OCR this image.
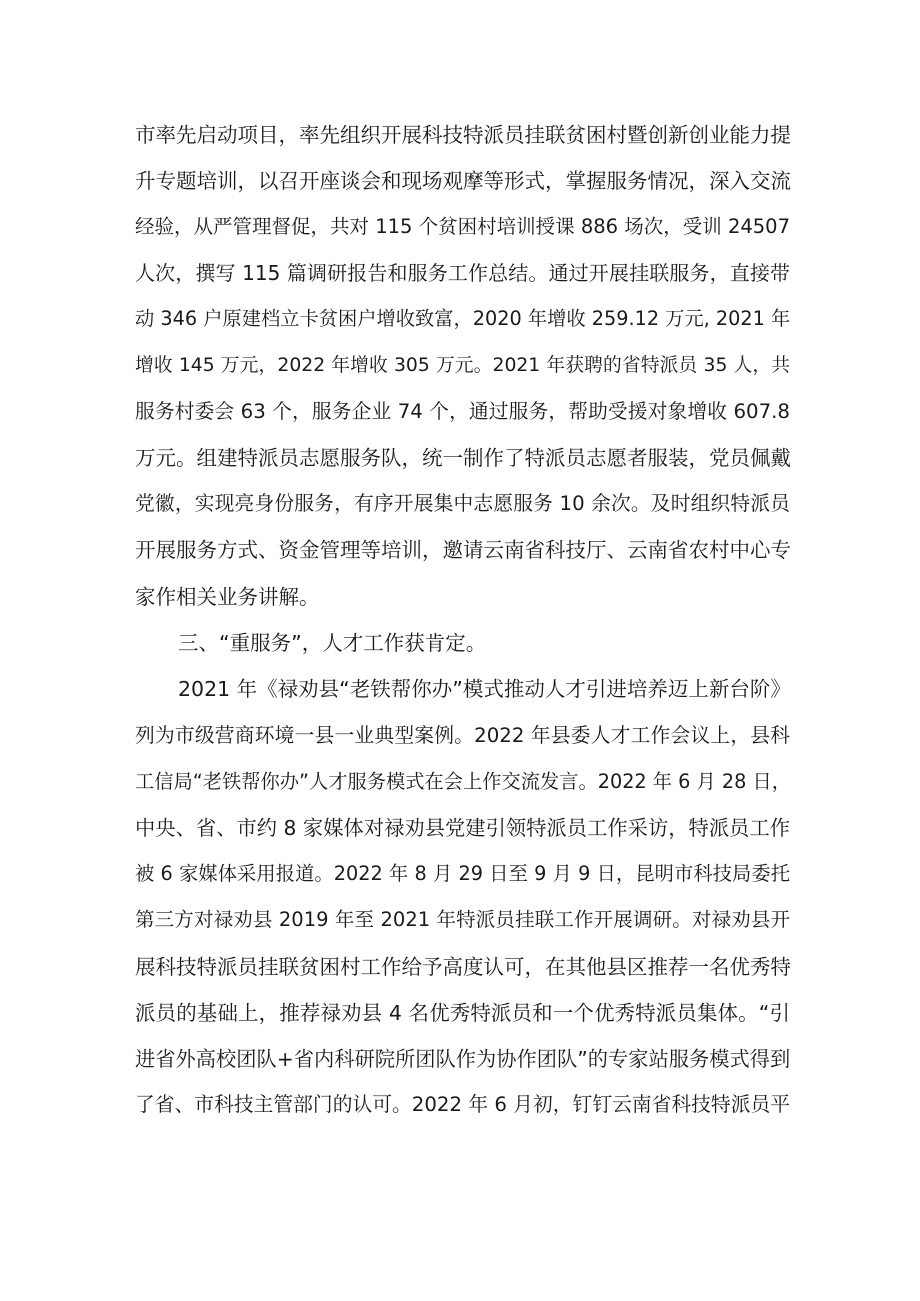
市率先启动项目，率先组织开展科技特派员挂联贫困村暨创新创业能力提
升专题培训，以召开座谈会和现场观摩等形式，掌握服务情况，深入交流
经验，从严管理督促，共对 115 个贫困村培训授课 886 场次，受训 24507
人次，撰写 115 篇调研报告和服务工作总结。通过开展挂联服务，直接带
动 346 户原建档立卡贫困户增收致富，2020 年增收 259.12 万元, 2021 年
增收 145 万元，2022 年增收 305 万元。2021 年获聘的省特派员 35 人，共
服务村委会 63 个，服务企业 74 个，通过服务，帮助受援对象增收 607.8
万元。组建特派员志愿服务队，统一制作了特派员志愿者服装，党员佩戴
党徽，实现亮身份服务，有序开展集中志愿服务 10 余次。及时组织特派员
开展服务方式、资金管理等培训，邀请云南省科技厅、云南省农村中心专
家作相关业务讲解。
三、“重服务”，人才工作获肯定。
2021 年《禄劝县“老铁帮你办”模式推动人才引进培养迈上新台阶》
列为市级营商环境一县一业典型案例。2022 年县委人才工作会议上，县科
工信局“老铁帮你办”人才服务模式在会上作交流发言。2022 年 6 月 28 日，
中央、省、市约 8 家媒体对禄劝县党建引领特派员工作采访，特派员工作
被 6 家媒体采用报道。2022 年 8 月 29 日至 9 月 9 日，昆明市科技局委托
第三方对禄劝县 2019 年至 2021 年特派员挂联工作开展调研。对禄劝县开
展科技特派员挂联贫困村工作给予高度认可，在其他县区推荐一名优秀特
派员的基础上，推荐禄劝县 4 名优秀特派员和一个优秀特派员集体。“引
进省外高校团队+省内科研院所团队作为协作团队”的专家站服务模式得到
了省、市科技主管部门的认可。2022 年 6 月初，钉钉云南省科技特派员平
